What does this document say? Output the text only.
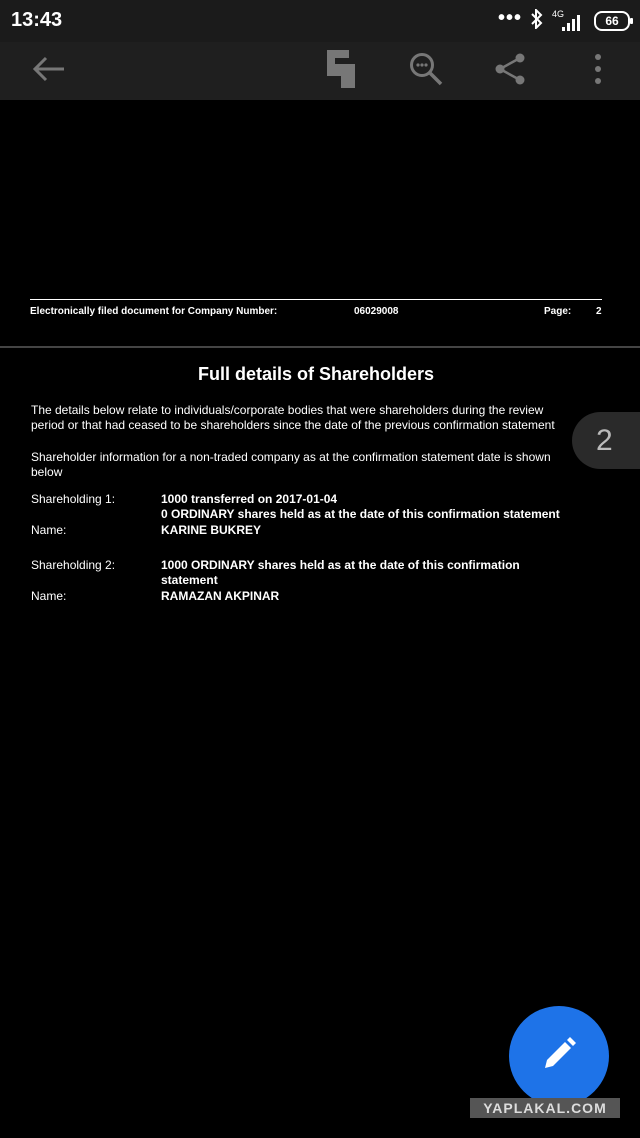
13:43	•••	4G	66
Electronically filed document for Company Number:	06029008	Page: 2
Full details of Shareholders
The details below relate to individuals/corporate bodies that were shareholders during the review
period or that had ceased to be shareholders since the date of the previous confirmation statement
Shareholder information for a non-traded company as at the confirmation statement date is shown
below
Shareholding 1:	1000 transferred on 2017-01-04
0 ORDINARY shares held as at the date of this confirmation statement
Name:	KARINE BUKREY
Shareholding 2:	1000 ORDINARY shares held as at the date of this confirmation
statement
Name:	RAMAZAN AKPINAR
2
YAPLAKAL.COM
